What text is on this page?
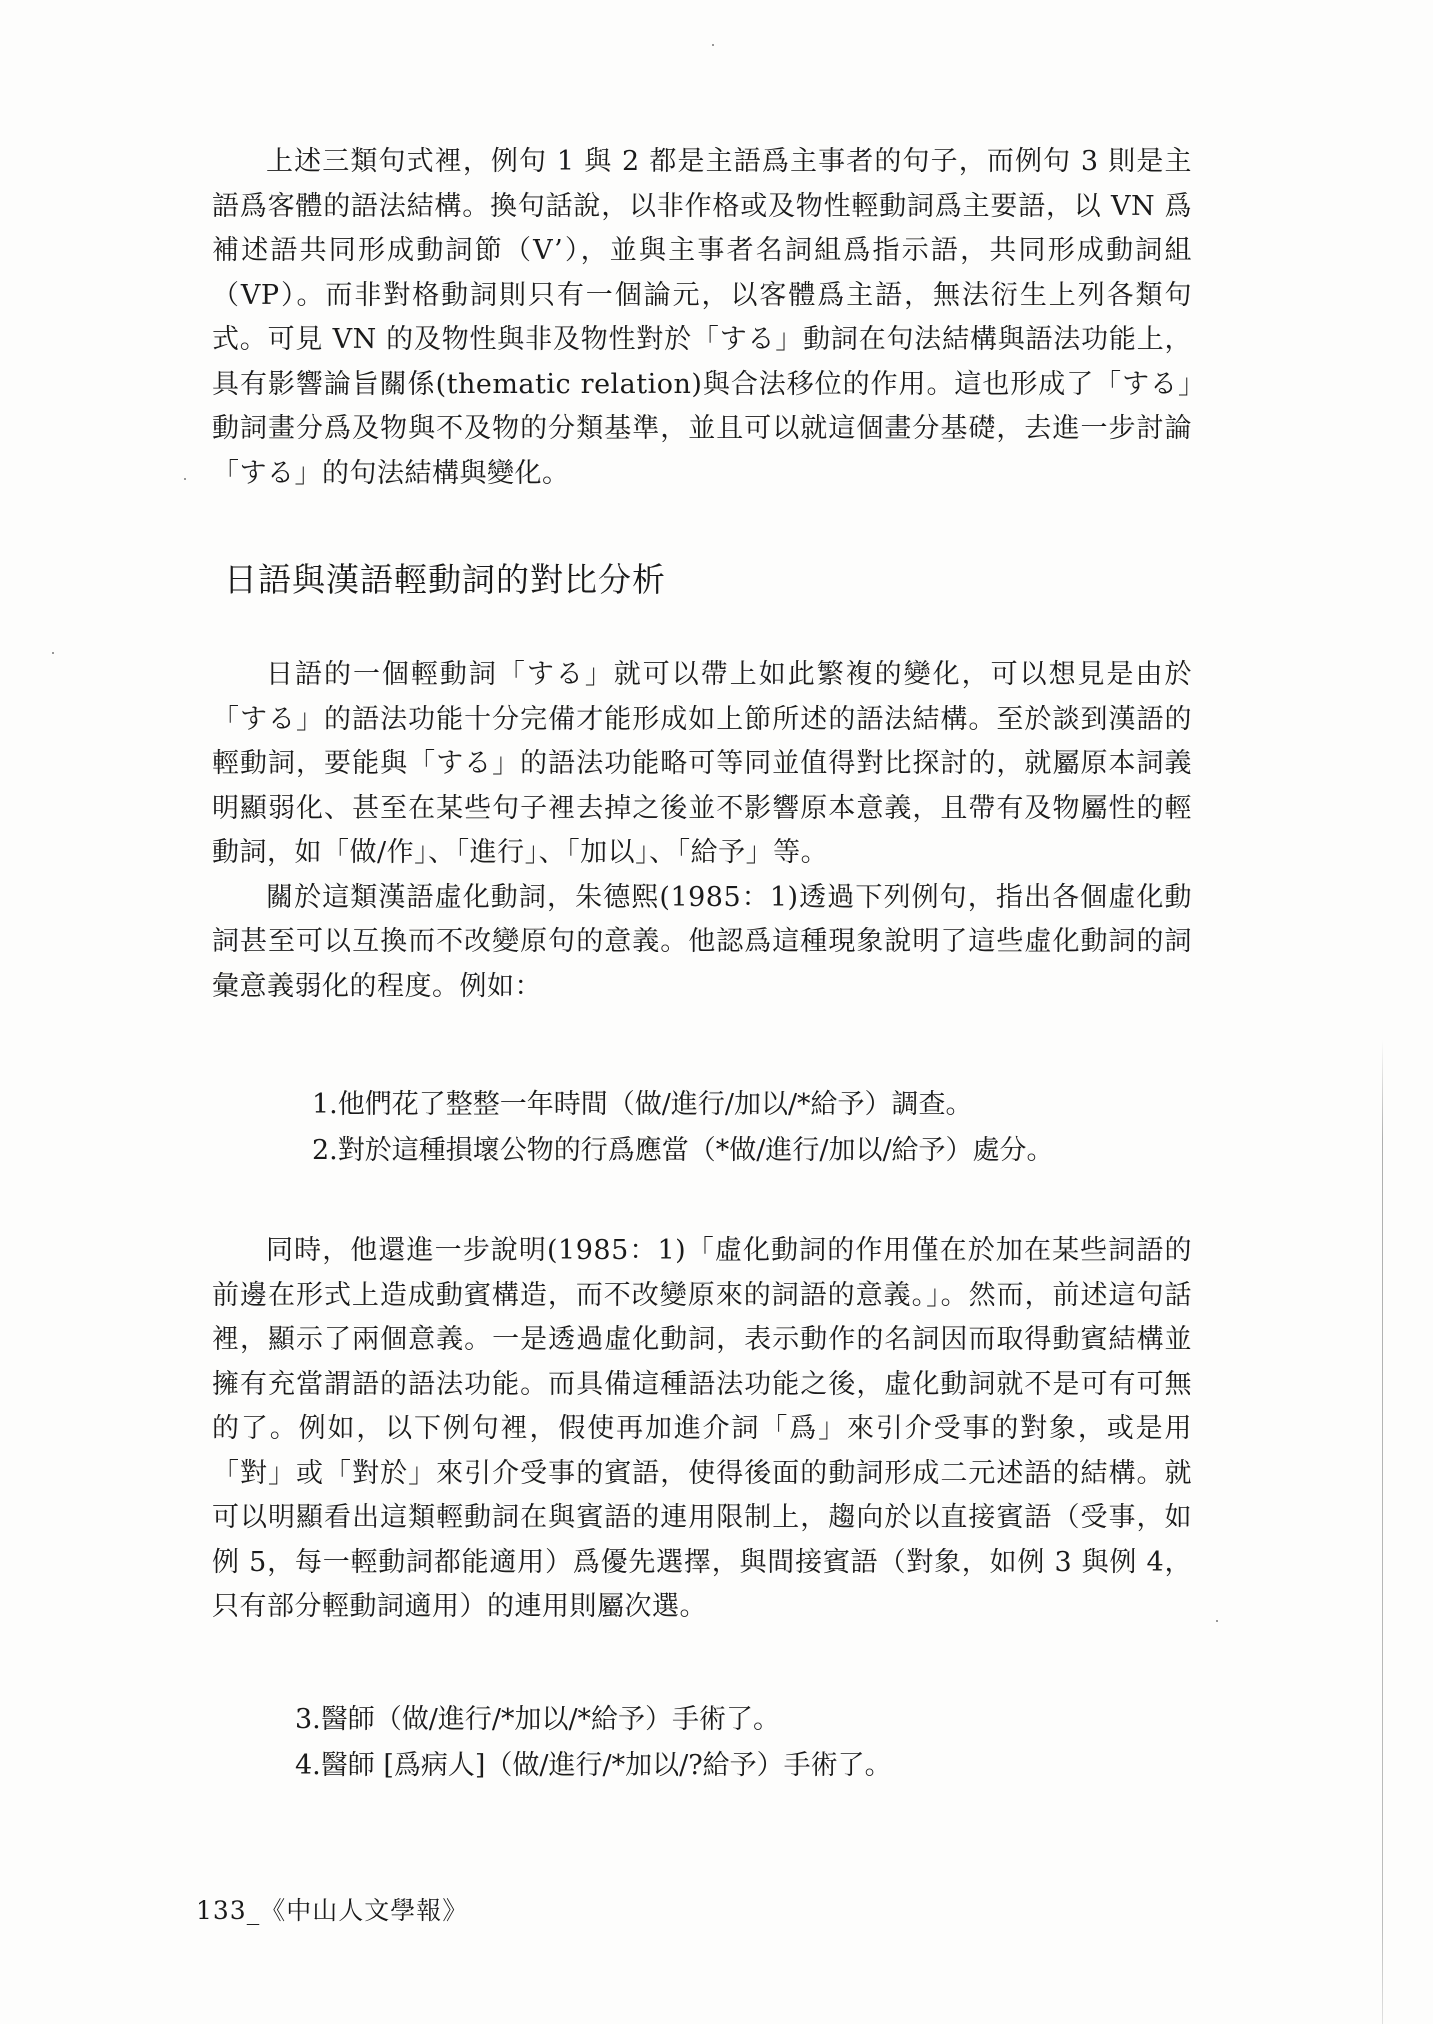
上述三類句式裡，例句 1 與 2 都是主語爲主事者的句子，而例句 3 則是主語爲客體的語法結構。換句話說，以非作格或及物性輕動詞爲主要語，以 VN 爲補述語共同形成動詞節（V’），並與主事者名詞組爲指示語，共同形成動詞組（VP）。而非對格動詞則只有一個論元，以客體爲主語，無法衍生上列各類句式。可見 VN 的及物性與非及物性對於「する」動詞在句法結構與語法功能上，具有影響論旨關係(thematic relation)與合法移位的作用。這也形成了「する」動詞畫分爲及物與不及物的分類基準，並且可以就這個畫分基礎，去進一步討論「する」的句法結構與變化。

日語與漢語輕動詞的對比分析

日語的一個輕動詞「する」就可以帶上如此繁複的變化，可以想見是由於「する」的語法功能十分完備才能形成如上節所述的語法結構。至於談到漢語的輕動詞，要能與「する」的語法功能略可等同並值得對比探討的，就屬原本詞義明顯弱化、甚至在某些句子裡去掉之後並不影響原本意義，且帶有及物屬性的輕動詞，如「做/作」、「進行」、「加以」、「給予」等。

關於這類漢語虛化動詞，朱德熙(1985：1)透過下列例句，指出各個虛化動詞甚至可以互換而不改變原句的意義。他認爲這種現象說明了這些虛化動詞的詞彙意義弱化的程度。例如：

1.他們花了整整一年時間（做/進行/加以/*給予）調查。
2.對於這種損壞公物的行爲應當（*做/進行/加以/給予）處分。

同時，他還進一步說明(1985：1)「虛化動詞的作用僅在於加在某些詞語的前邊在形式上造成動賓構造，而不改變原來的詞語的意義。」。然而，前述這句話裡，顯示了兩個意義。一是透過虛化動詞，表示動作的名詞因而取得動賓結構並擁有充當謂語的語法功能。而具備這種語法功能之後，虛化動詞就不是可有可無的了。例如，以下例句裡，假使再加進介詞「爲」來引介受事的對象，或是用「對」或「對於」來引介受事的賓語，使得後面的動詞形成二元述語的結構。就可以明顯看出這類輕動詞在與賓語的連用限制上，趨向於以直接賓語（受事，如例 5，每一輕動詞都能適用）爲優先選擇，與間接賓語（對象，如例 3 與例 4，只有部分輕動詞適用）的連用則屬次選。

3.醫師（做/進行/*加以/*給予）手術了。
4.醫師 [爲病人]（做/進行/*加以/?給予）手術了。
133_《中山人文學報》
